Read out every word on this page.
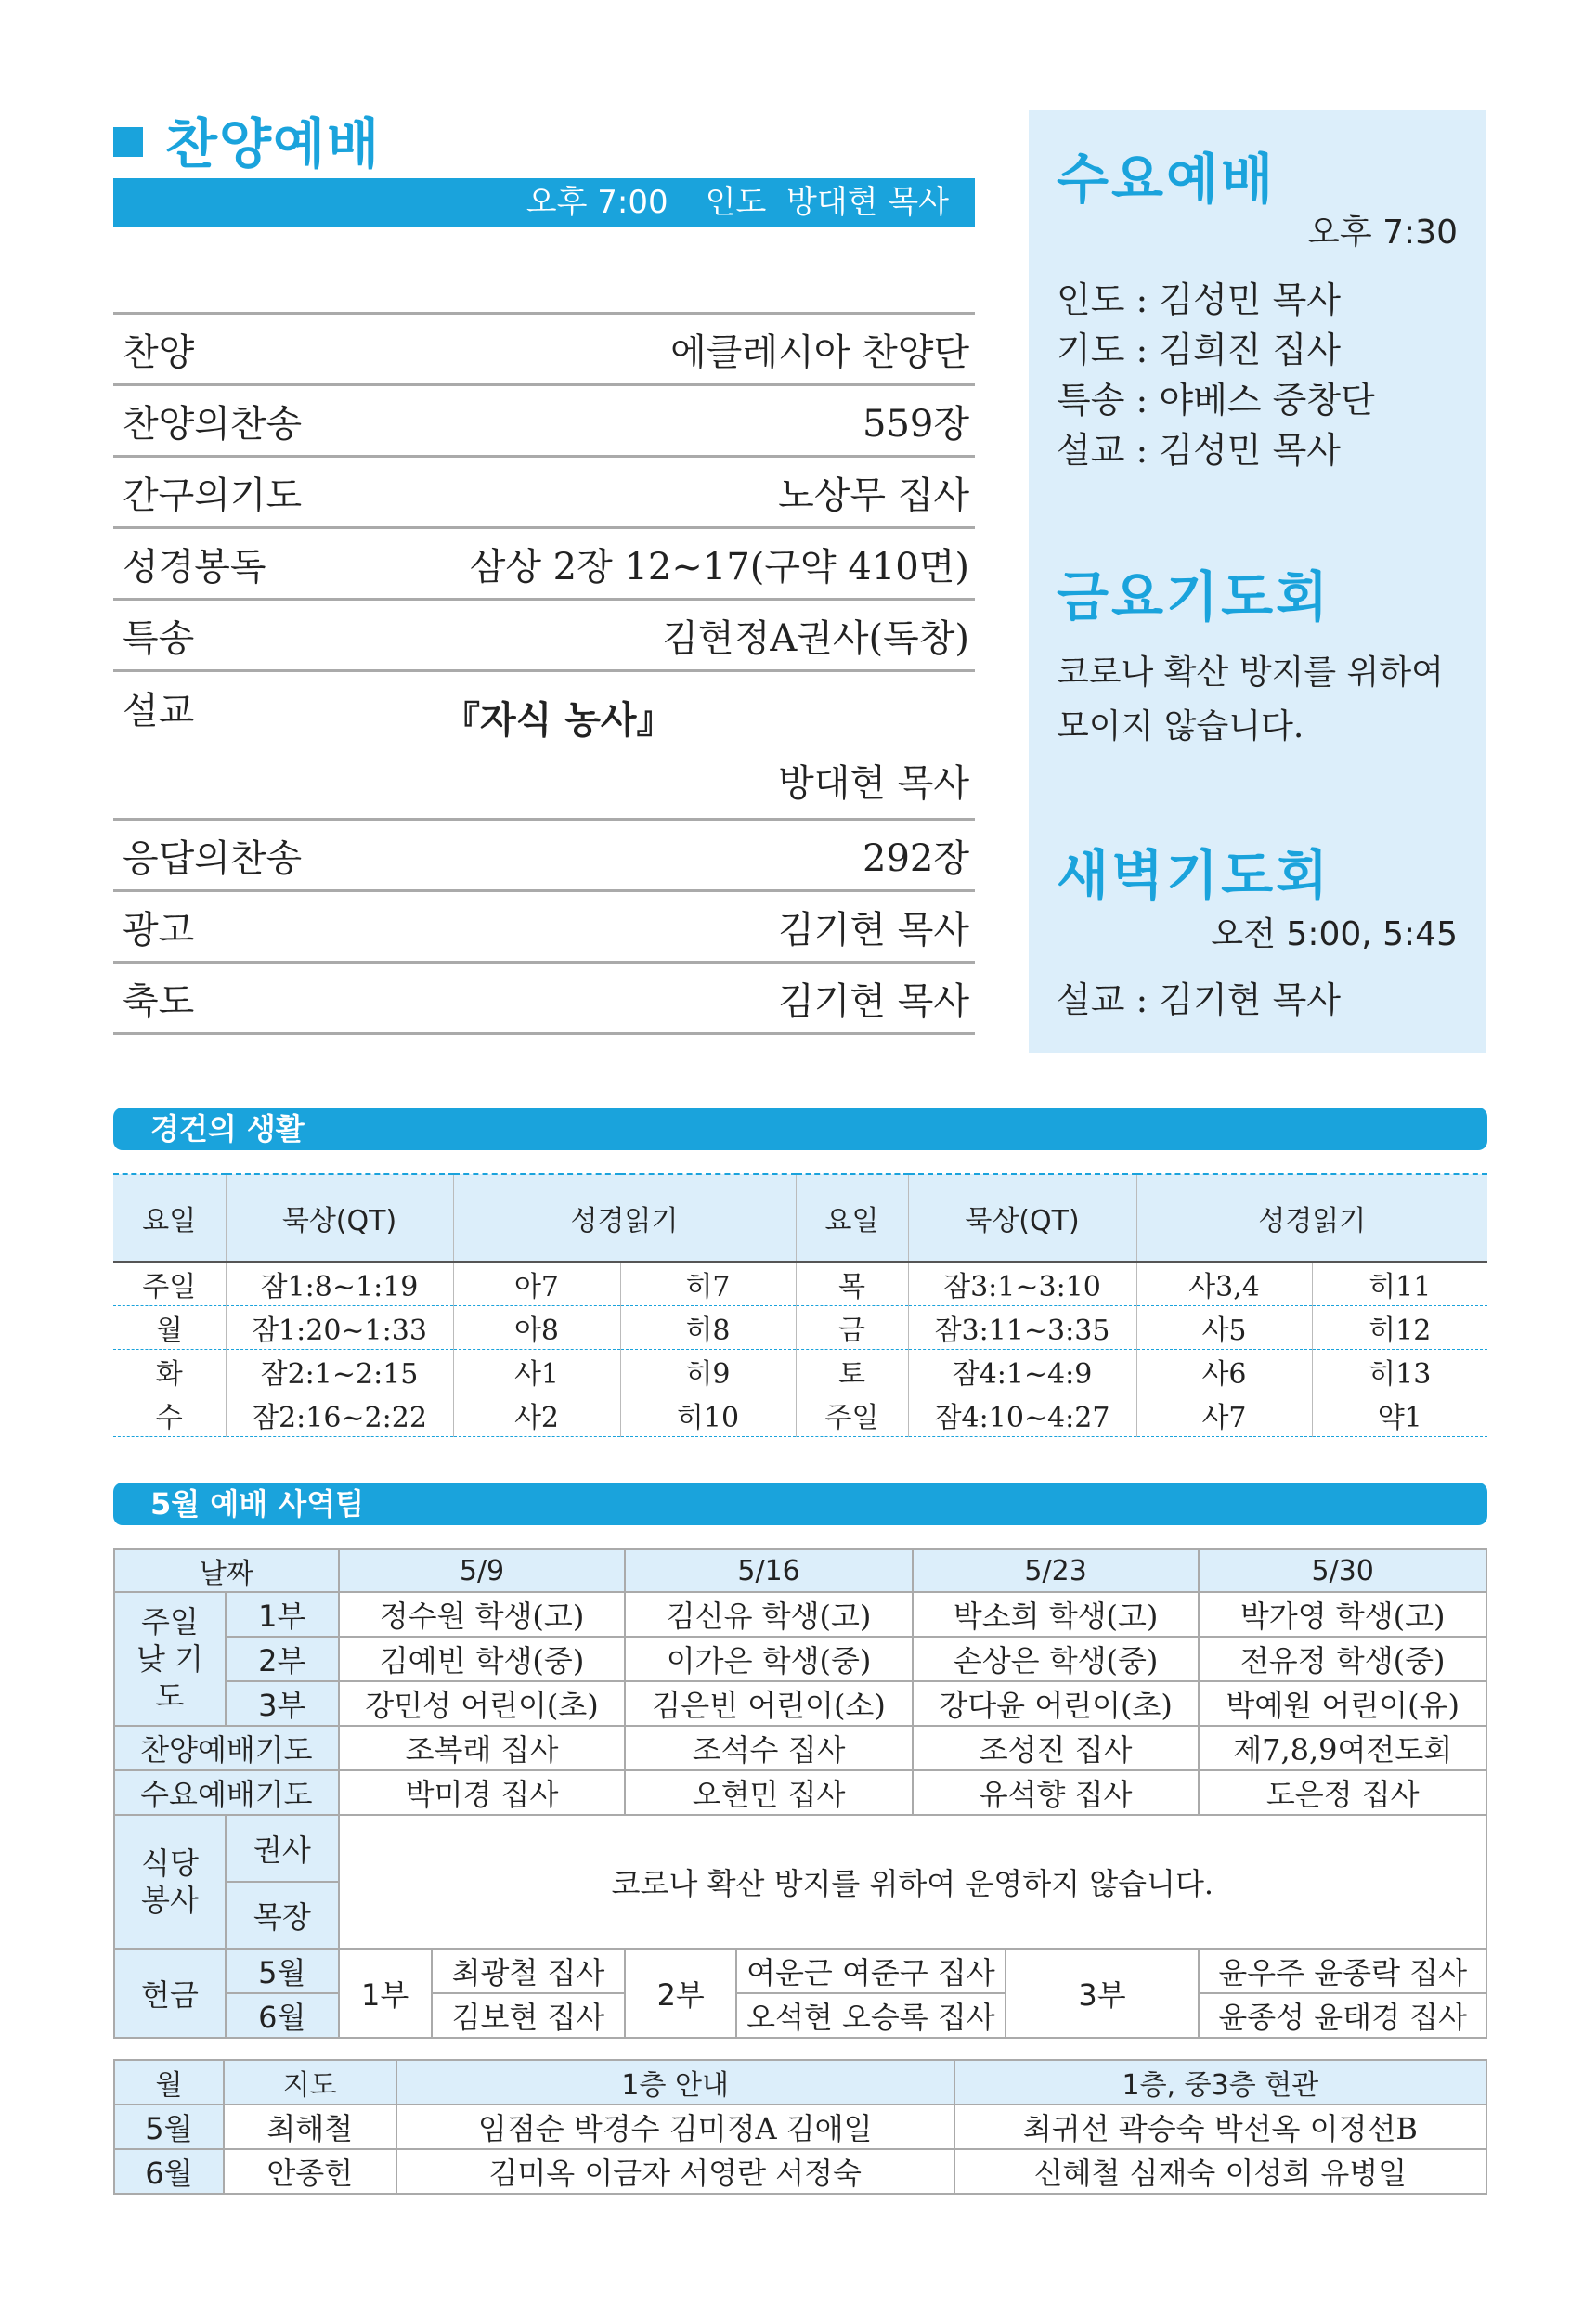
찬양예배
오후 7:00 인도  방대현 목사
찬양	에클레시아 찬양단
찬양의찬송	559장
간구의기도	노상무 집사
성경봉독	삼상 2장 12~17(구약 410면)
특송	김현정A권사(독창)
설교	『자식 농사』
방대현 목사
응답의찬송	292장
광고	김기현 목사
축도	김기현 목사
수요예배
오후 7:30
인도 : 김성민 목사
기도 : 김희진 집사
특송 : 야베스 중창단
설교 : 김성민 목사
금요기도회
코로나 확산 방지를 위하여
모이지 않습니다.
새벽기도회
오전 5:00, 5:45
설교 : 김기현 목사
경건의 생활
요일	묵상(QT)	성경읽기		요일	묵상(QT)	성경읽기	
주일	잠1:8~1:19	아7	히7	목	잠3:1~3:10	사3,4	히11
월	잠1:20~1:33	아8	히8	금	잠3:11~3:35	사5	히12
화	잠2:1~2:15	사1	히9	토	잠4:1~4:9	사6	히13
수	잠2:16~2:22	사2	히10	주일	잠4:10~4:27	사7	약1
5월 예배 사역팀
날짜		5/9		5/16		5/23		5/30
주일낮 기도	1부	정수원 학생(고)		김신유 학생(고)		박소희 학생(고)		박가영 학생(고)
	2부	김예빈 학생(중)		이가은 학생(중)		손상은 학생(중)		전유정 학생(중)
	3부	강민성 어린이(초)		김은빈 어린이(소)		강다윤 어린이(초)		박예원 어린이(유)
찬양예배기도		조복래 집사		조석수 집사		조성진 집사		제7,8,9여전도회
수요예배기도		박미경 집사		오현민 집사		유석향 집사		도은정 집사
식당 봉사	권사	코로나 확산 방지를 위하여 운영하지 않습니다.						
	목장							
헌금	5월	1부	최광철 집사	2부	여운근 여준구 집사		3부	윤우주 윤종락 집사
	6월		김보현 집사		오석현 오승록 집사			윤종성 윤태경 집사
월	지도	1층 안내	1층, 중3층 현관
5월	최해철	임점순 박경수 김미정A 김애일	최귀선 곽승숙 박선옥 이정선B
6월	안종헌	김미옥 이금자 서영란 서정숙	신혜철 심재숙 이성희 유병일
